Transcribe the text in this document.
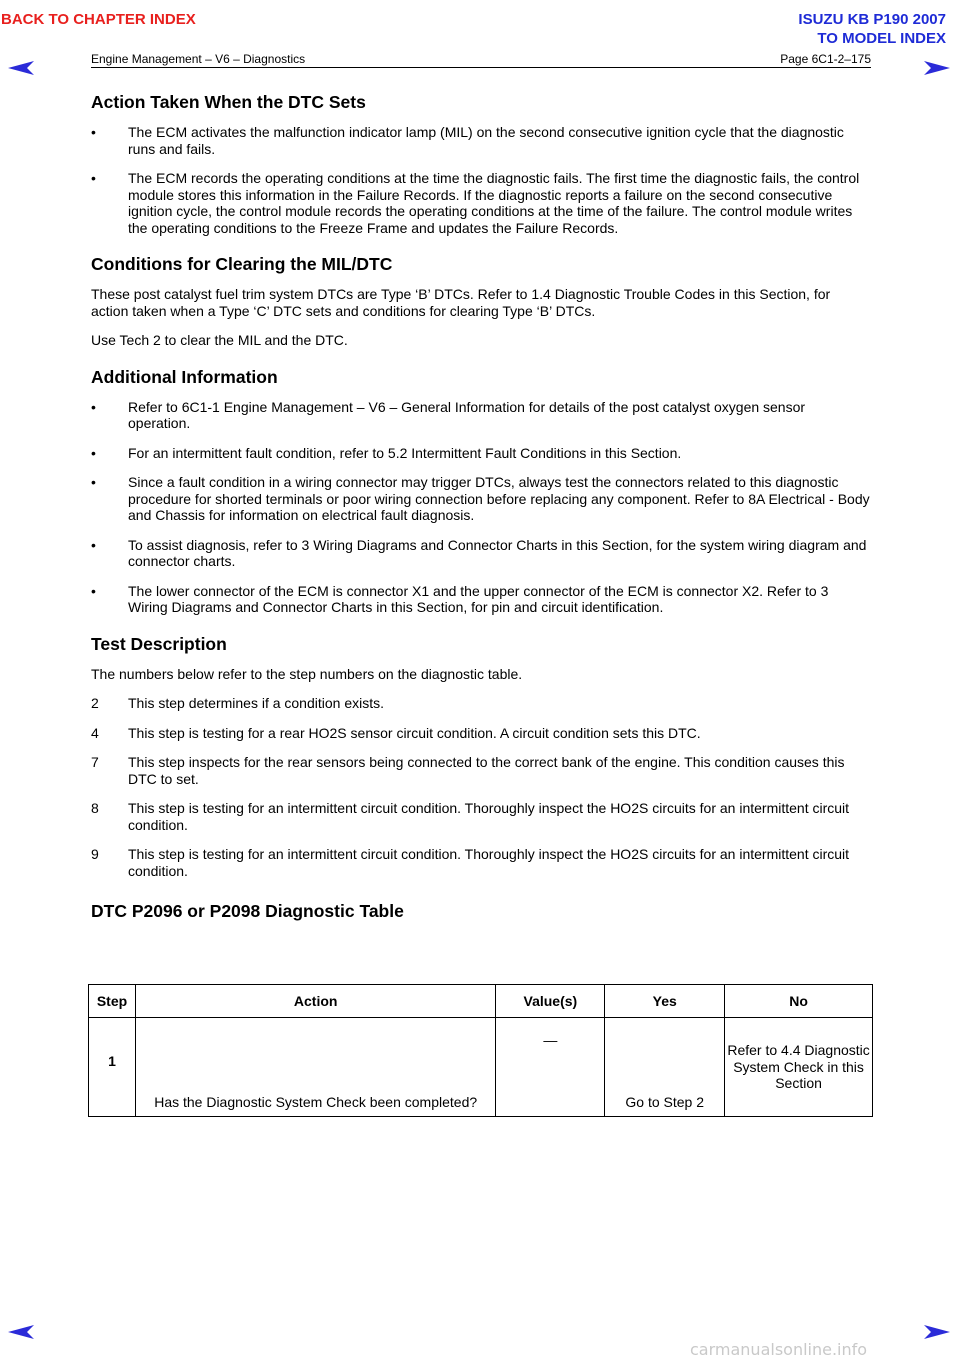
BACK TO CHAPTER INDEX	ISUZU KB P190 2007
TO MODEL INDEX
Engine Management – V6 – Diagnostics	Page 6C1-2–175
Action Taken When the DTC Sets
• The ECM activates the malfunction indicator lamp (MIL) on the second consecutive ignition cycle that the diagnostic runs and fails.
• The ECM records the operating conditions at the time the diagnostic fails. The first time the diagnostic fails, the control module stores this information in the Failure Records. If the diagnostic reports a failure on the second consecutive ignition cycle, the control module records the operating conditions at the time of the failure. The control module writes the operating conditions to the Freeze Frame and updates the Failure Records.
Conditions for Clearing the MIL/DTC

These post catalyst fuel trim system DTCs are Type ‘B’ DTCs. Refer to 1.4 Diagnostic Trouble Codes in this Section, for action taken when a Type ‘C’ DTC sets and conditions for clearing Type ‘B’ DTCs.

Use Tech 2 to clear the MIL and the DTC.

Additional Information
• Refer to 6C1-1 Engine Management – V6 – General Information for details of the post catalyst oxygen sensor operation.
• For an intermittent fault condition, refer to 5.2 Intermittent Fault Conditions in this Section.
• Since a fault condition in a wiring connector may trigger DTCs, always test the connectors related to this diagnostic procedure for shorted terminals or poor wiring connection before replacing any component. Refer to 8A Electrical - Body and Chassis for information on electrical fault diagnosis.
• To assist diagnosis, refer to 3 Wiring Diagrams and Connector Charts in this Section, for the system wiring diagram and connector charts.
• The lower connector of the ECM is connector X1 and the upper connector of the ECM is connector X2. Refer to 3 Wiring Diagrams and Connector Charts in this Section, for pin and circuit identification.
Test Description

The numbers below refer to the step numbers on the diagnostic table.

2 This step determines if a condition exists.
4 This step is testing for a rear HO2S sensor circuit condition. A circuit condition sets this DTC.
7 This step inspects for the rear sensors being connected to the correct bank of the engine. This condition causes this DTC to set.
8 This step is testing for an intermittent circuit condition. Thoroughly inspect the HO2S circuits for an intermittent circuit condition.
9 This step is testing for an intermittent circuit condition. Thoroughly inspect the HO2S circuits for an intermittent circuit condition.
DTC P2096 or P2098 Diagnostic Table
Step	Action	Value(s)	Yes	No
1	Has the Diagnostic System Check been completed?	—	Go to Step 2	Refer to 4.4 Diagnostic System Check in this Section
carmanualsonline.info
